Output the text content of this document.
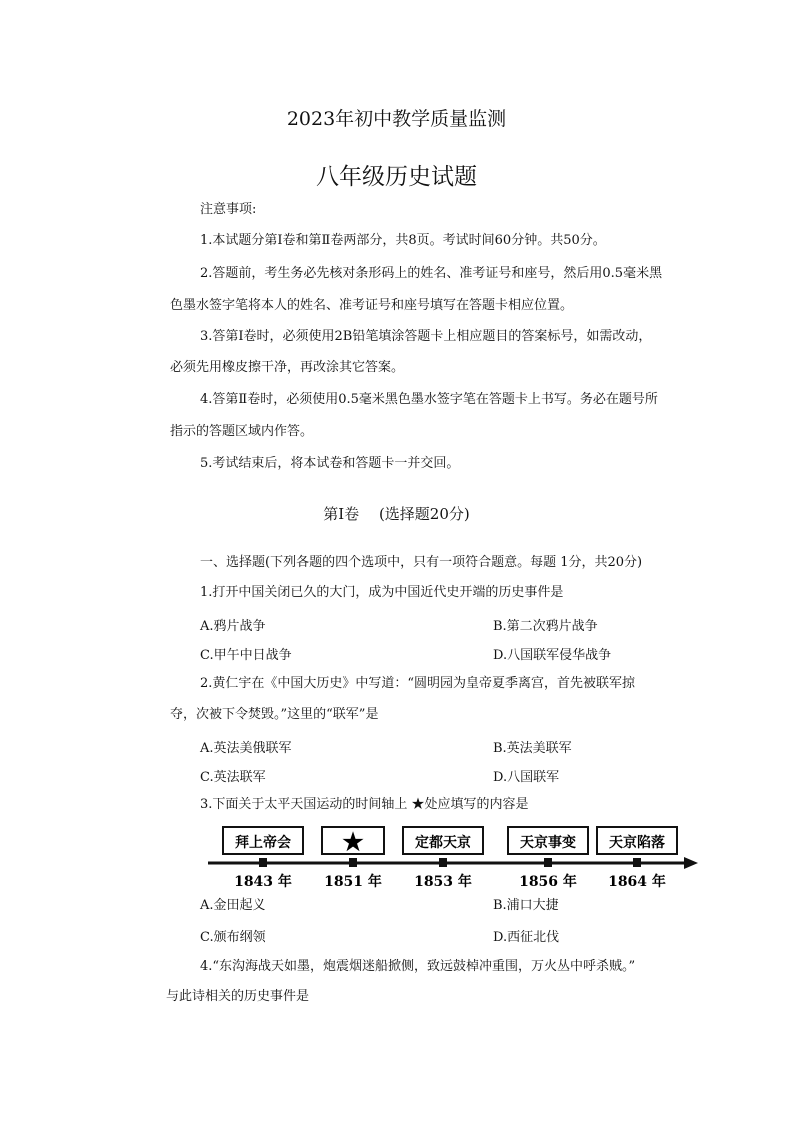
2023年初中教学质量监测
八年级历史试题
注意事项:
1.本试题分第Ⅰ卷和第Ⅱ卷两部分，共8页。考试时间60分钟。共50分。
2.答题前，考生务必先核对条形码上的姓名、准考证号和座号，然后用0.5毫米黑
色墨水签字笔将本人的姓名、准考证号和座号填写在答题卡相应位置。
3.答第Ⅰ卷时，必须使用2B铅笔填涂答题卡上相应题目的答案标号，如需改动，
必须先用橡皮擦干净，再改涂其它答案。
4.答第Ⅱ卷时，必须使用0.5毫米黑色墨水签字笔在答题卡上书写。务必在题号所
指示的答题区域内作答。
5.考试结束后，将本试卷和答题卡一并交回。
第Ⅰ卷　 (选择题20分)
一、选择题(下列各题的四个选项中，只有一项符合题意。每题 1分，共20分)
1.打开中国关闭已久的大门，成为中国近代史开端的历史事件是
A.鸦片战争	B.第二次鸦片战争
C.甲午中日战争	D.八国联军侵华战争
2.黄仁宇在《中国大历史》中写道：“圆明园为皇帝夏季离宫，首先被联军掠
夺，次被下令焚毁。”这里的“联军”是
A.英法美俄联军	B.英法美联军
C.英法联军	D.八国联军
3.下面关于太平天国运动的时间轴上 ★处应填写的内容是
拜上帝会
1843 年
★
1851 年
定都天京
1853 年
天京事变
1856 年
天京陷落
1864 年
A.金田起义	B.浦口大捷
C.颁布纲领	D.西征北伐
4.“东沟海战天如墨，炮震烟迷船掀侧，致远鼓棹冲重围，万火丛中呼杀贼。”
与此诗相关的历史事件是
